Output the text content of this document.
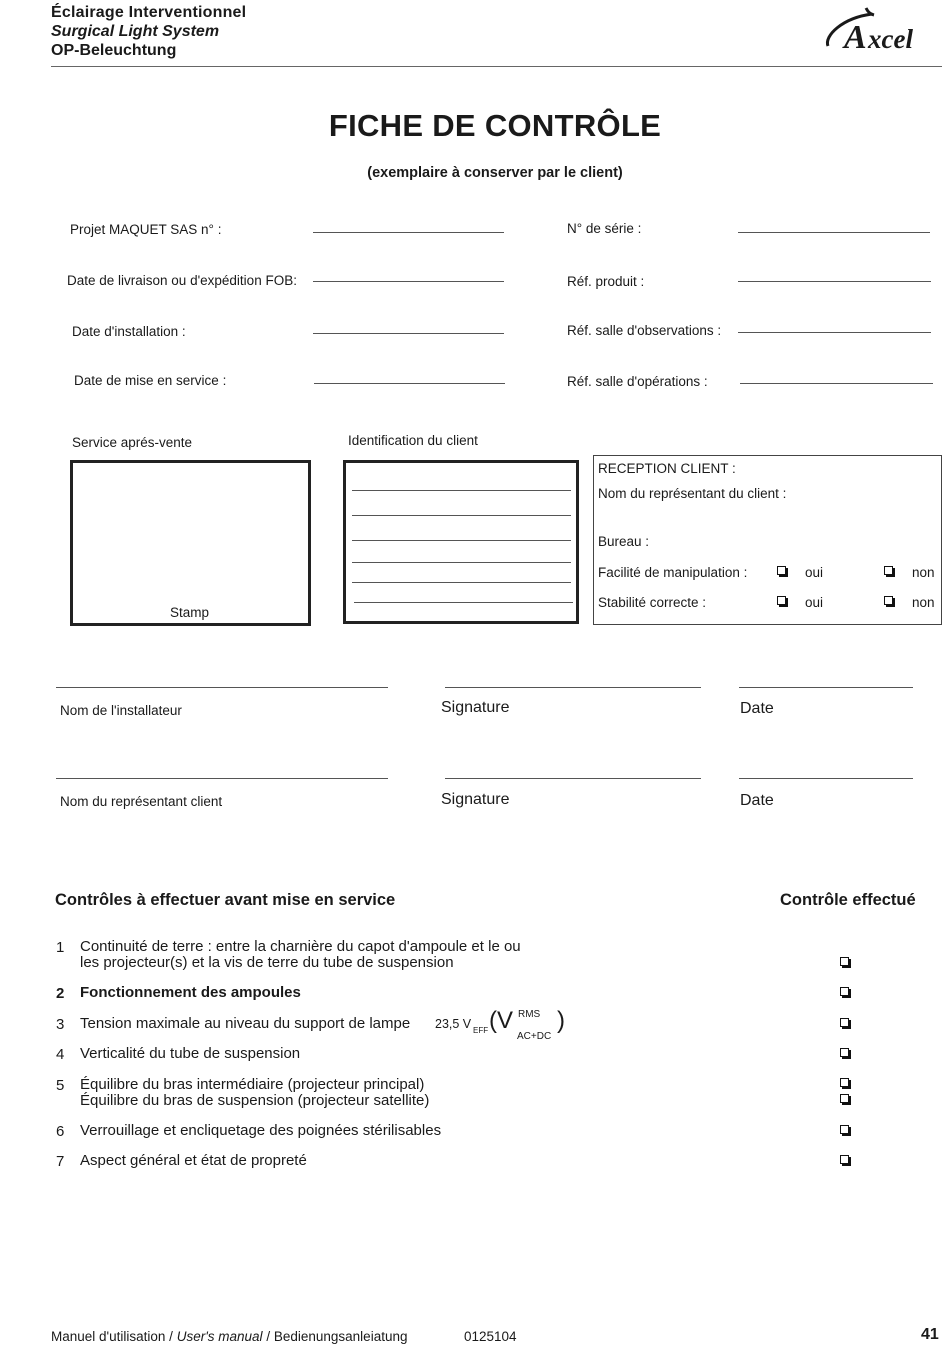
Éclairage Interventionnel
Surgical Light System
OP-Beleuchtung	A xcel
FICHE DE CONTRÔLE
(exemplaire à conserver par le client)
Projet MAQUET SAS n° :	N° de série :
Date de livraison ou d'expédition FOB:	Réf. produit :
Date d'installation :	Réf. salle d'observations :
Date de mise en service :	Réf. salle d'opérations :
Service aprés-vente
Stamp
Identification du client
RECEPTION CLIENT :
Nom du représentant du client :
Bureau :
Facilité de manipulation :	oui	non
Stabilité correcte :	oui	non
Nom de l'installateur	Signature	Date
Nom du représentant client	Signature	Date
Contrôles à effectuer avant mise en service	Contrôle effectué
1 Continuité de terre : entre la charnière du capot d'ampoule et le ou
les projecteur(s) et la vis de terre du tube de suspension
2 Fonctionnement des ampoules
3 Tension maximale au niveau du support de lampe 23,5 V EFF (V RMS
AC+DC
)
4 Verticalité du tube de suspension
5 Équilibre du bras intermédiaire (projecteur principal)
Équilibre du bras de suspension (projecteur satellite)
6 Verrouillage et encliquetage des poignées stérilisables
7 Aspect général et état de propreté
Manuel d'utilisation / User's manual / Bedienungsanleiatung	0125104	41
